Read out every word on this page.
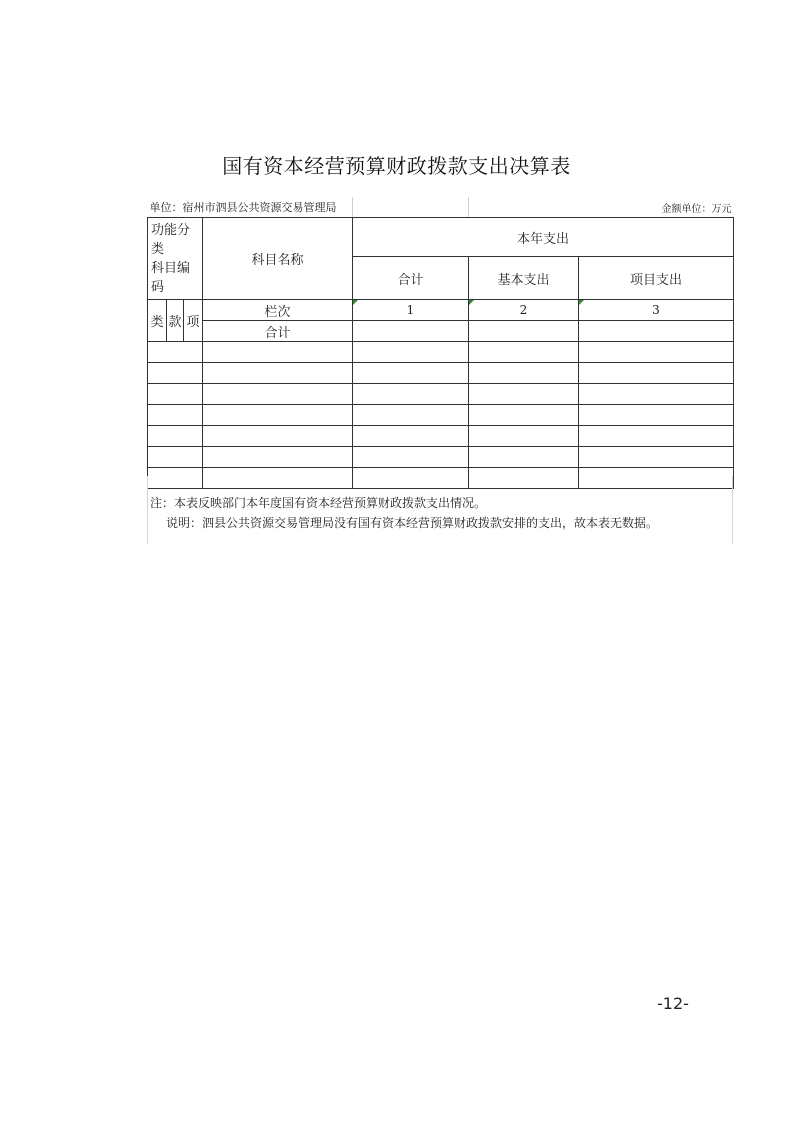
国有资本经营预算财政拨款支出决算表
单位：宿州市泗县公共资源交易管理局						金额单位：万元

功能分类
科目编码			科目名称	本年支出		
				合计	基本支出	项目支出
类	款	项	栏次	1	2	3
			合计			

注：本表反映部门本年度国有资本经营预算财政拨款支出情况。
说明：泗县公共资源交易管理局没有国有资本经营预算财政拨款安排的支出，故本表无数据。
-12-
